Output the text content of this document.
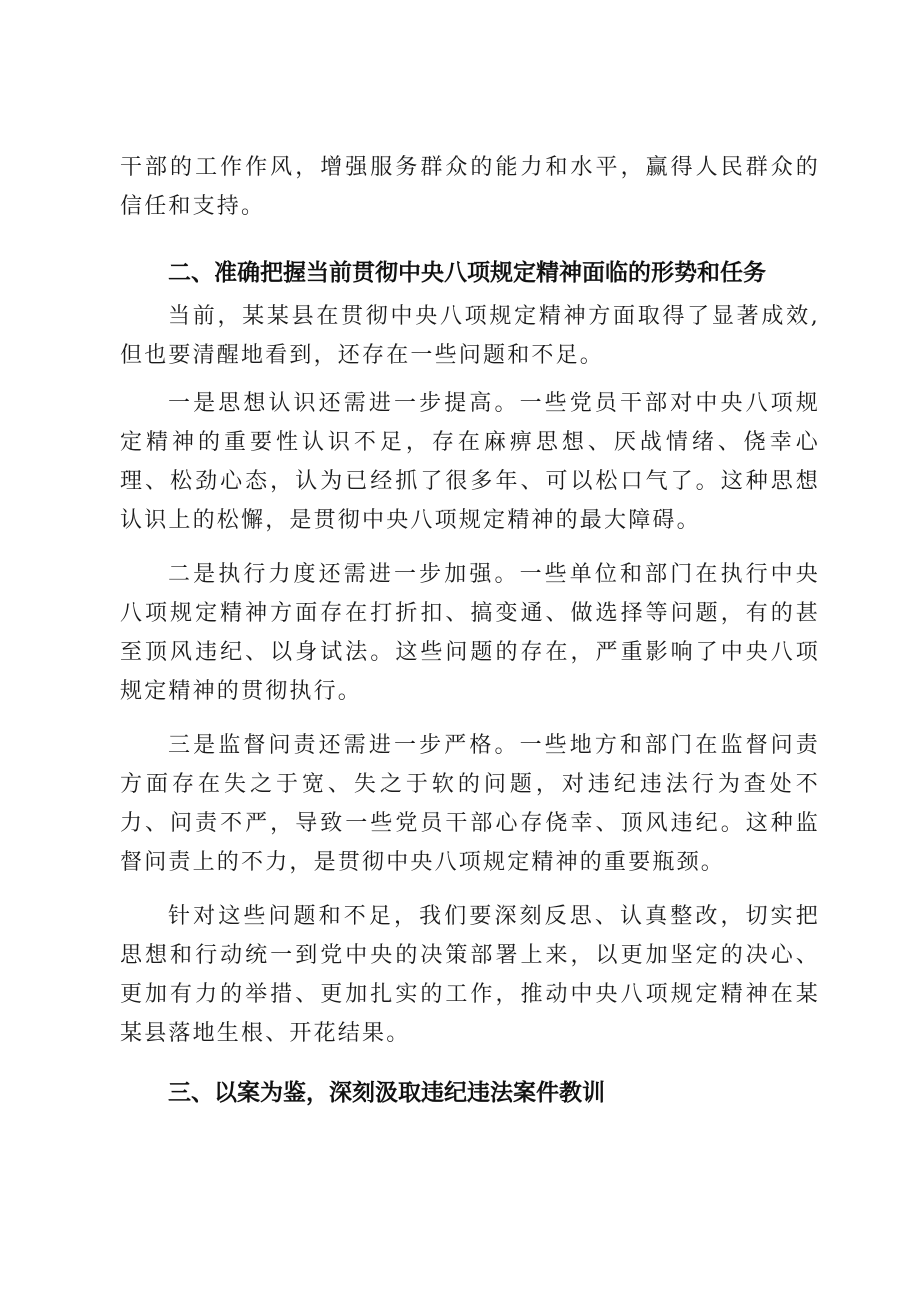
干部的工作作风，增强服务群众的能力和水平，赢得人民群众的信任和支持。

二、准确把握当前贯彻中央八项规定精神面临的形势和任务

当前，某某县在贯彻中央八项规定精神方面取得了显著成效,但也要清醒地看到，还存在一些问题和不足。

一是思想认识还需进一步提高。一些党员干部对中央八项规定精神的重要性认识不足，存在麻痹思想、厌战情绪、侥幸心理、松劲心态，认为已经抓了很多年、可以松口气了。这种思想认识上的松懈，是贯彻中央八项规定精神的最大障碍。

二是执行力度还需进一步加强。一些单位和部门在执行中央八项规定精神方面存在打折扣、搞变通、做选择等问题，有的甚至顶风违纪、以身试法。这些问题的存在，严重影响了中央八项规定精神的贯彻执行。

三是监督问责还需进一步严格。一些地方和部门在监督问责方面存在失之于宽、失之于软的问题，对违纪违法行为查处不力、问责不严，导致一些党员干部心存侥幸、顶风违纪。这种监督问责上的不力，是贯彻中央八项规定精神的重要瓶颈。

针对这些问题和不足，我们要深刻反思、认真整改，切实把思想和行动统一到党中央的决策部署上来，以更加坚定的决心、更加有力的举措、更加扎实的工作，推动中央八项规定精神在某某县落地生根、开花结果。

三、以案为鉴，深刻汲取违纪违法案件教训
